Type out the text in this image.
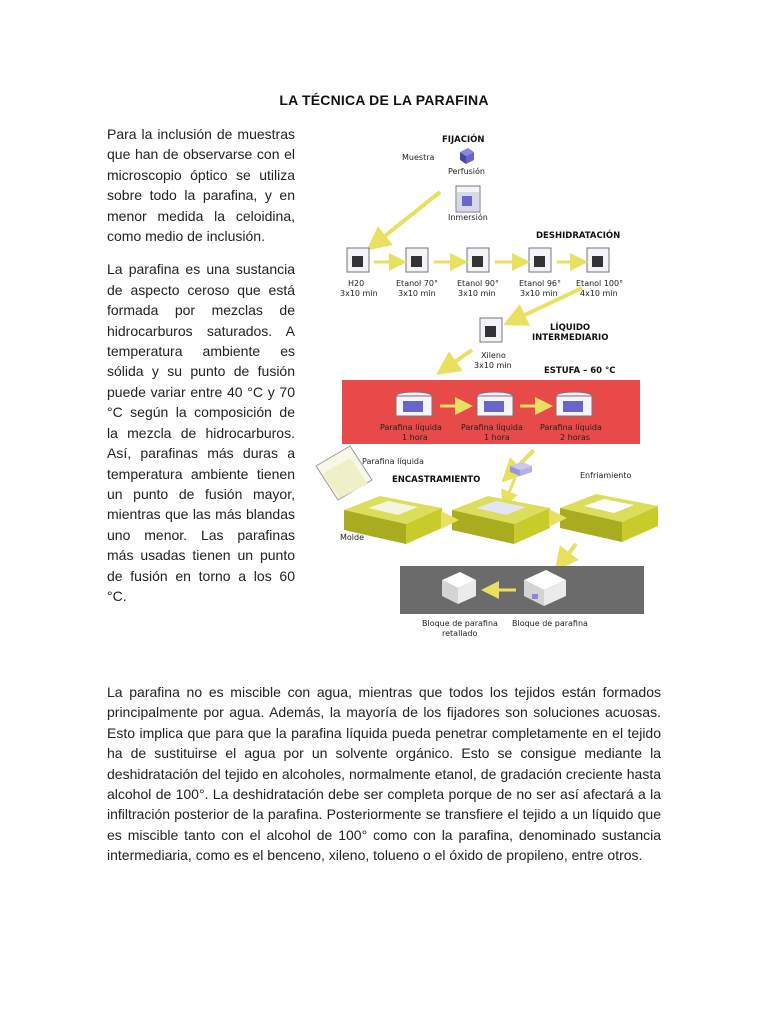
LA TÉCNICA DE LA PARAFINA

Para la inclusión de muestras que han de observarse con el microscopio óptico se utiliza sobre todo la parafina, y en menor medida la celoidina, como medio de inclusión.

La parafina es una sustancia de aspecto ceroso que está formada por mezclas de hidrocarburos saturados. A temperatura ambiente es sólida y su punto de fusión puede variar entre 40 °C y 70 °C según la composición de la mezcla de hidrocarburos. Así, parafinas más duras a temperatura ambiente tienen un punto de fusión mayor, mientras que las más blandas uno menor. Las parafinas más usadas tienen un punto de fusión en torno a los 60 °C.

FIJACIÓN
Muestra
Perfusión
Inmersión
DESHIDRATACIÓN
H20
3x10 min
Etanol 70°
3x10 min
Etanol 90°
3x10 min
Etanol 96°
3x10 min
Etanol 100°
4x10 min
LÍQUIDO
INTERMEDIARIO
Xileno
3x10 min
ESTUFA – 60 °C
Parafina líquida
1 hora
Parafina líquida
1 hora
Parafina líquida
2 horas
Parafina líquida
ENCASTRAMIENTO	Enfriamiento
Molde
Bloque de parafina
retallado
Bloque de parafina

La parafina no es miscible con agua, mientras que todos los tejidos están formados principalmente por agua. Además, la mayoría de los fijadores son soluciones acuosas. Esto implica que para que la parafina líquida pueda penetrar completamente en el tejido ha de sustituirse el agua por un solvente orgánico. Esto se consigue mediante la deshidratación del tejido en alcoholes, normalmente etanol, de gradación creciente hasta alcohol de 100°. La deshidratación debe ser completa porque de no ser así afectará a la infiltración posterior de la parafina. Posteriormente se transfiere el tejido a un líquido que es miscible tanto con el alcohol de 100° como con la parafina, denominado sustancia intermediaria, como es el benceno, xileno, tolueno o el óxido de propileno, entre otros.
